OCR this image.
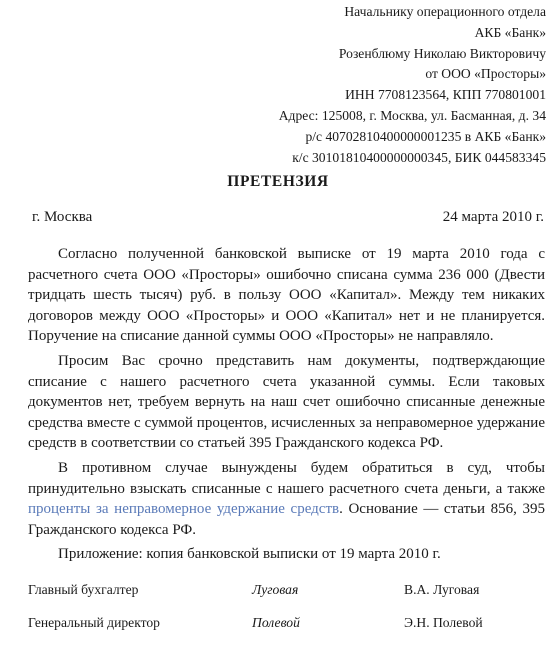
Начальнику операционного отдела
АКБ «Банк»
Розенблюму Николаю Викторовичу
от ООО «Просторы»
ИНН 7708123564, КПП 770801001
Адрес: 125008, г. Москва, ул. Басманная, д. 34
р/с 40702810400000001235 в АКБ «Банк»
к/с 30101810400000000345, БИК 044583345
ПРЕТЕНЗИЯ
г. Москва	24 марта 2010 г.

Согласно полученной банковской выписке от 19 марта 2010 года с расчетного счета ООО «Просторы» ошибочно списана сумма 236 000 (Двести тридцать шесть тысяч) руб. в пользу ООО «Капитал». Между тем никаких договоров между ООО «Просторы» и ООО «Капитал» нет и не планируется. Поручение на списание данной суммы ООО «Просторы» не направляло.

Просим Вас срочно представить нам документы, подтверждающие списание с нашего расчетного счета указанной суммы. Если таковых документов нет, требуем вернуть на наш счет ошибочно списанные денежные средства вместе с суммой процентов, исчисленных за неправомерное удержание средств в соответствии со статьей 395 Гражданского кодекса РФ.

В противном случае вынуждены будем обратиться в суд, чтобы принудительно взыскать списанные с нашего расчетного счета деньги, а также проценты за неправомерное удержание средств. Основание — статьи 856, 395 Гражданского кодекса РФ.

Приложение: копия банковской выписки от 19 марта 2010 г.

Главный бухгалтер	Луговая	В.А. Луговая
Генеральный директор	Полевой	Э.Н. Полевой
